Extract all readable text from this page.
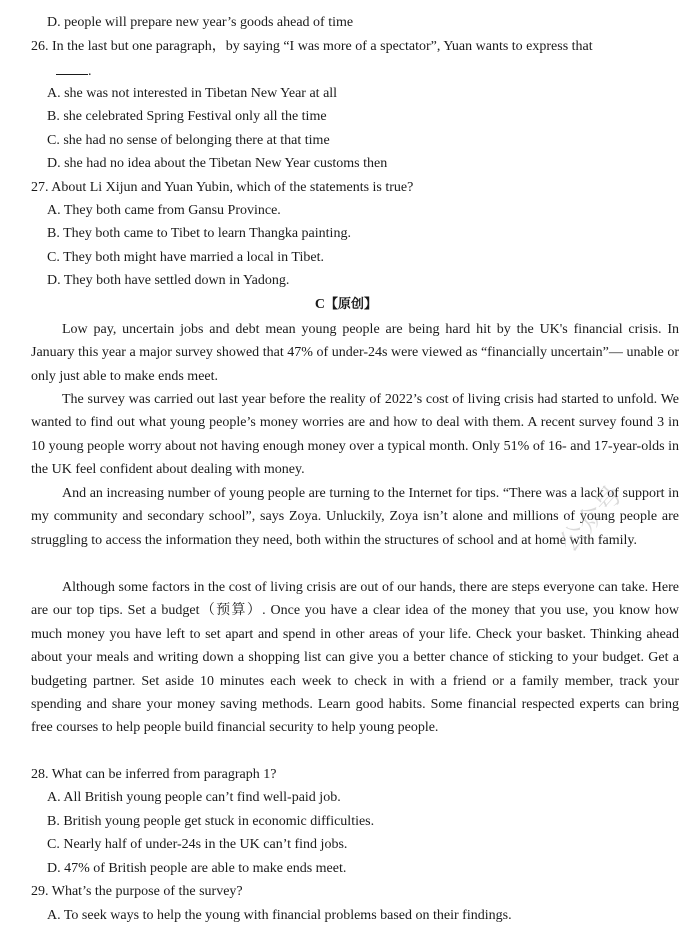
D. people will prepare new year’s goods ahead of time
26. In the last but one paragraph，by saying “I was more of a spectator”, Yuan wants to express that
.
A. she was not interested in Tibetan New Year at all
B. she celebrated Spring Festival only all the time
C. she had no sense of belonging there at that time
D. she had no idea about the Tibetan New Year customs then
27. About Li Xijun and Yuan Yubin, which of the statements is true?
A. They both came from Gansu Province.
B. They both came to Tibet to learn Thangka painting.
C. They both might have married a local in Tibet.
D. They both have settled down in Yadong.
C【原创】
Low pay, uncertain jobs and debt mean young people are being hard hit by the UK's financial crisis. In January this year a major survey showed that 47% of under-24s were viewed as “financially uncertain”— unable or only just able to make ends meet.
The survey was carried out last year before the reality of 2022’s cost of living crisis had started to unfold. We wanted to find out what young people’s money worries are and how to deal with them. A recent survey found 3 in 10 young people worry about not having enough money over a typical month. Only 51% of 16- and 17-year-olds in the UK feel confident about dealing with money.
And an increasing number of young people are turning to the Internet for tips. “There was a lack of support in my community and secondary school”, says Zoya. Unluckily, Zoya isn’t alone and millions of young people are struggling to access the information they need, both within the structures of school and at home with family.
Although some factors in the cost of living crisis are out of our hands, there are steps everyone can take. Here are our top tips. Set a budget（预算）. Once you have a clear idea of the money that you use, you know how much money you have left to set apart and spend in other areas of your life. Check your basket. Thinking ahead about your meals and writing down a shopping list can give you a better chance of sticking to your budget. Get a budgeting partner. Set aside 10 minutes each week to check in with a friend or a family member, track your spending and share your money saving methods. Learn good habits. Some financial respected experts can bring free courses to help people build financial security to help young people.
28. What can be inferred from paragraph 1?
A. All British young people can’t find well-paid job.
B. British young people get stuck in economic difficulties.
C. Nearly half of under-24s in the UK can’t find jobs.
D. 47% of British people are able to make ends meet.
29. What’s the purpose of the survey?
A. To seek ways to help the young with financial problems based on their findings.
公众号
